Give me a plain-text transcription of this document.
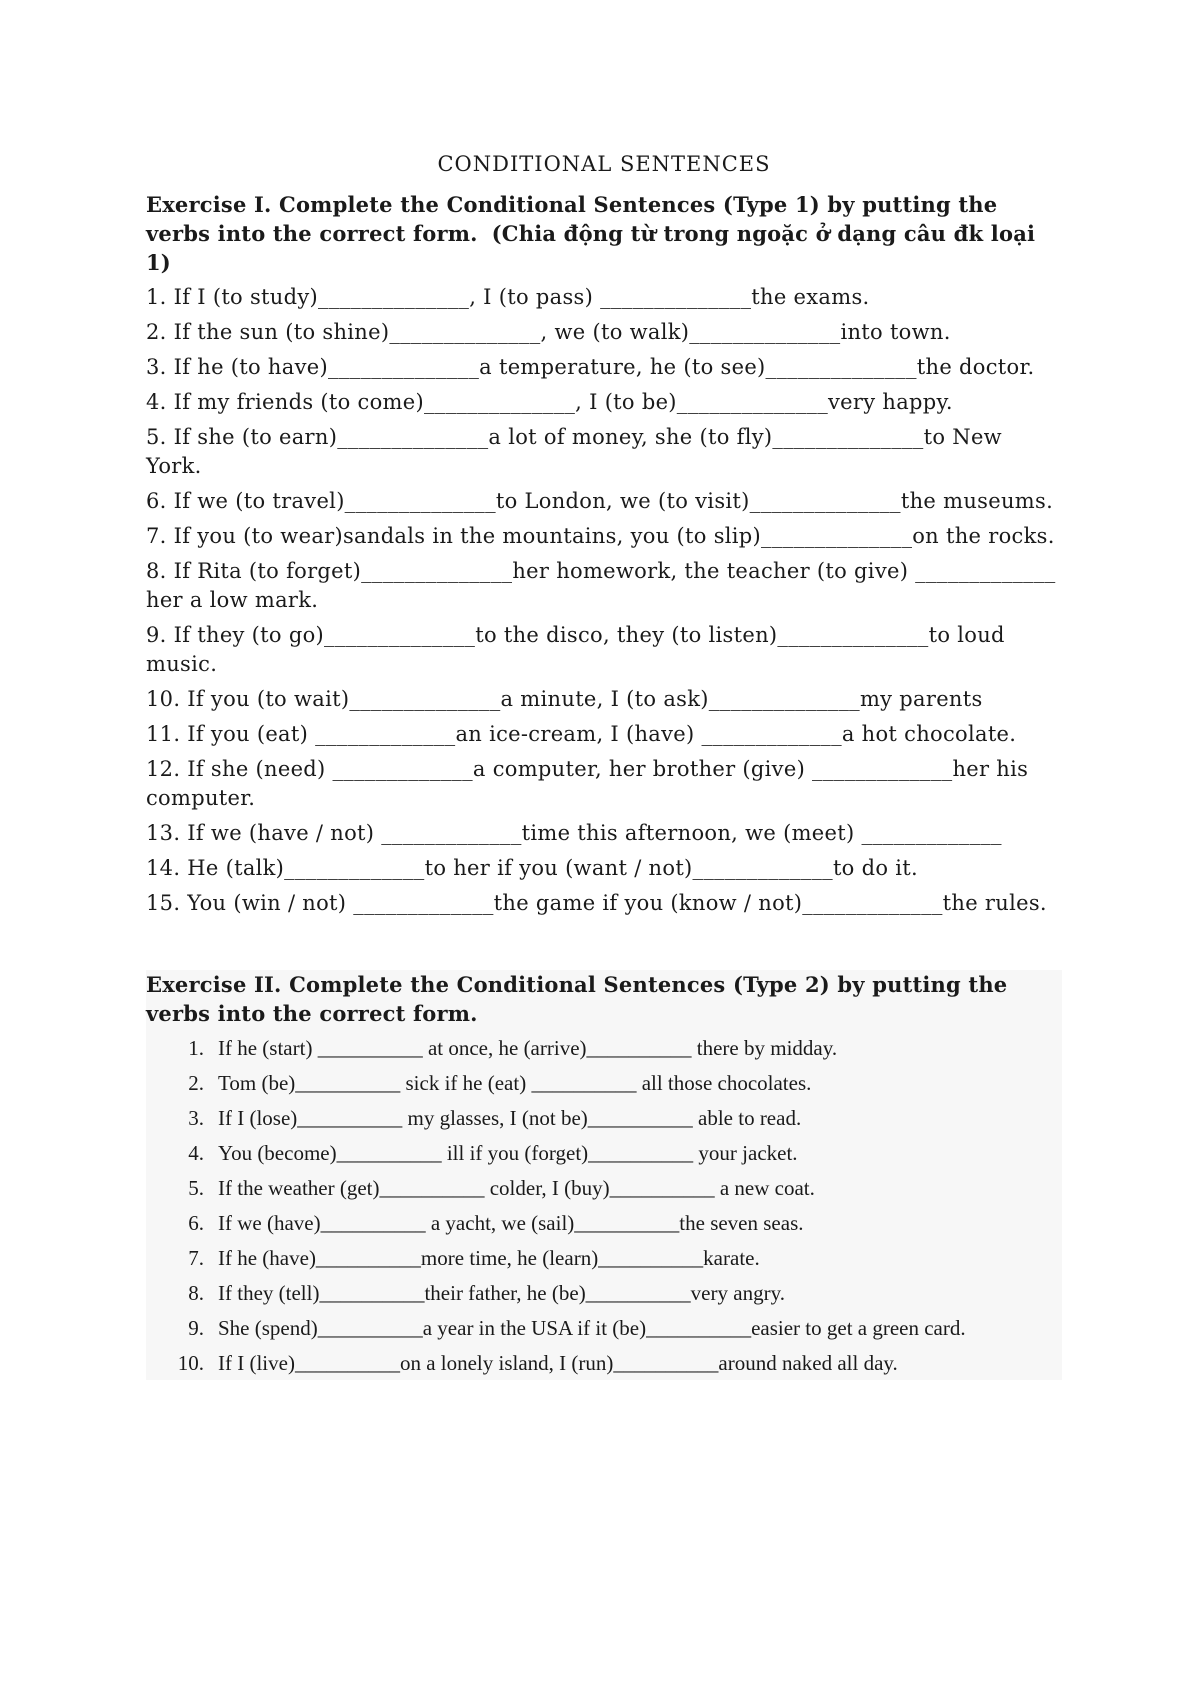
CONDITIONAL SENTENCES

Exercise I. Complete the Conditional Sentences (Type 1) by putting the verbs into the correct form. (Chia động từ trong ngoặc ở dạng câu đk loại 1)

1. If I (to study)______________, I (to pass) ______________the exams.
2. If the sun (to shine)______________, we (to walk)______________into town.
3. If he (to have)______________a temperature, he (to see)______________the doctor.
4. If my friends (to come)______________, I (to be)______________very happy.
5. If she (to earn)______________a lot of money, she (to fly)______________to New York.
6. If we (to travel)______________to London, we (to visit)______________the museums.
7. If you (to wear)sandals in the mountains, you (to slip)______________on the rocks.
8. If Rita (to forget)______________her homework, the teacher (to give) _____________ her a low mark.
9. If they (to go)______________to the disco, they (to listen)______________to loud music.
10. If you (to wait)______________a minute, I (to ask)______________my parents
11. If you (eat) _____________an ice-cream, I (have) _____________a hot chocolate.
12. If she (need) _____________a computer, her brother (give) _____________her his computer.
13. If we (have / not) _____________time this afternoon, we (meet) _____________
14. He (talk)_____________to her if you (want / not)_____________to do it.
15. You (win / not) _____________the game if you (know / not)_____________the rules.

Exercise II. Complete the Conditional Sentences (Type 2) by putting the verbs into the correct form.

1. If he (start) __________ at once, he (arrive)__________ there by midday.
2. Tom (be)__________ sick if he (eat) __________ all those chocolates.
3. If I (lose)__________ my glasses, I (not be)__________ able to read.
4. You (become)__________ ill if you (forget)__________ your jacket.
5. If the weather (get)__________ colder, I (buy)__________ a new coat.
6. If we (have)__________ a yacht, we (sail)__________the seven seas.
7. If he (have)__________more time, he (learn)__________karate.
8. If they (tell)__________their father, he (be)__________very angry.
9. She (spend)__________a year in the USA if it (be)__________easier to get a green card.
10. If I (live)__________on a lonely island, I (run)__________around naked all day.
